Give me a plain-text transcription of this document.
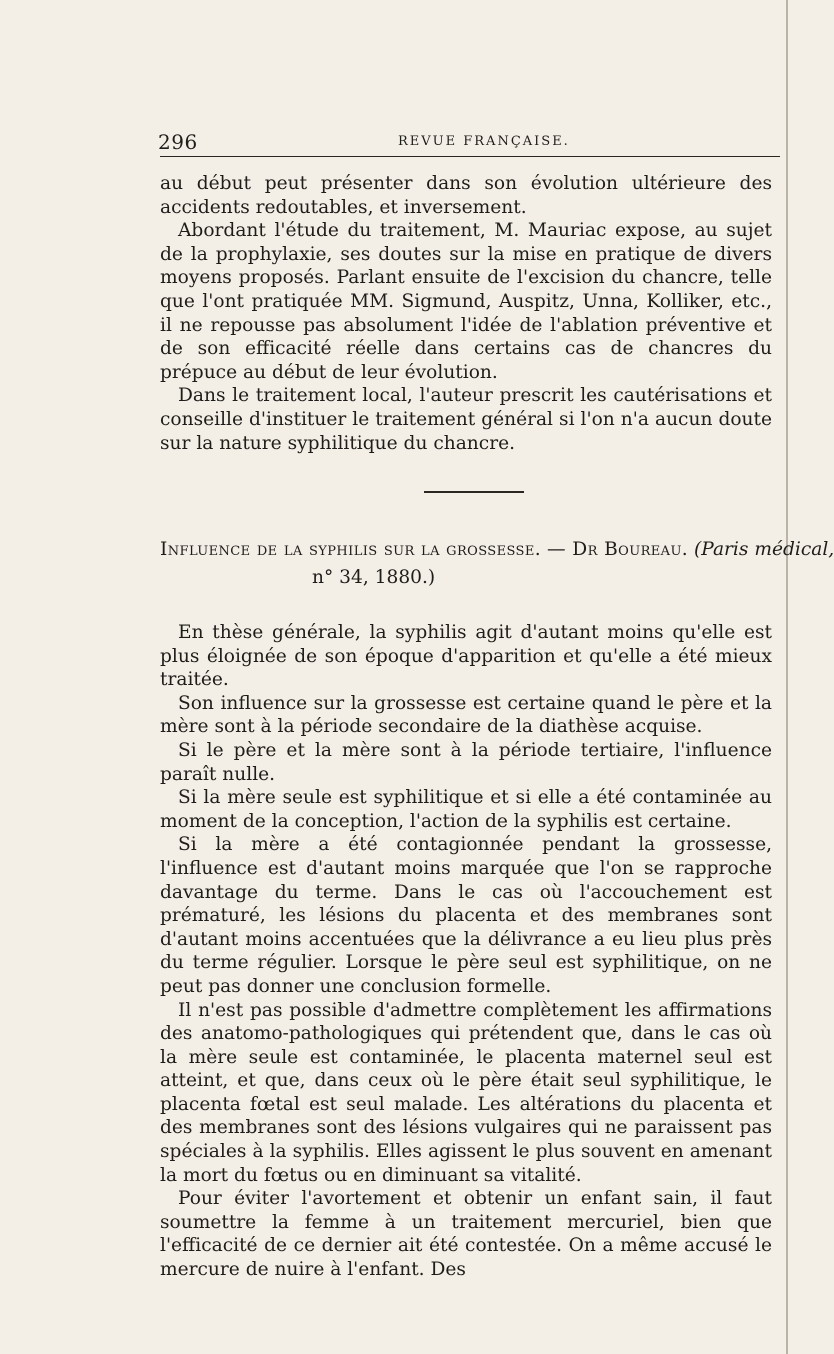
296	REVUE FRANÇAISE.

au début peut présenter dans son évolution ultérieure des accidents redoutables, et inversement.

Abordant l'étude du traitement, M. Mauriac expose, au sujet de la prophylaxie, ses doutes sur la mise en pratique de divers moyens proposés. Parlant ensuite de l'excision du chancre, telle que l'ont pratiquée MM. Sigmund, Auspitz, Unna, Kolliker, etc., il ne repousse pas absolument l'idée de l'ablation préventive et de son efficacité réelle dans certains cas de chancres du prépuce au début de leur évolution.

Dans le traitement local, l'auteur prescrit les cautérisations et conseille d'instituer le traitement général si l'on n'a aucun doute sur la nature syphilitique du chancre.

Influence de la syphilis sur la grossesse. — Dr Boureau. (Paris médical,
n° 34, 1880.)

En thèse générale, la syphilis agit d'autant moins qu'elle est plus éloignée de son époque d'apparition et qu'elle a été mieux traitée.

Son influence sur la grossesse est certaine quand le père et la mère sont à la période secondaire de la diathèse acquise.

Si le père et la mère sont à la période tertiaire, l'influence paraît nulle.

Si la mère seule est syphilitique et si elle a été contaminée au moment de la conception, l'action de la syphilis est certaine.

Si la mère a été contagionnée pendant la grossesse, l'influence est d'autant moins marquée que l'on se rapproche davantage du terme. Dans le cas où l'accouchement est prématuré, les lésions du placenta et des membranes sont d'autant moins accentuées que la délivrance a eu lieu plus près du terme régulier. Lorsque le père seul est syphilitique, on ne peut pas donner une conclusion formelle.

Il n'est pas possible d'admettre complètement les affirmations des anatomo-pathologiques qui prétendent que, dans le cas où la mère seule est contaminée, le placenta maternel seul est atteint, et que, dans ceux où le père était seul syphilitique, le placenta fœtal est seul malade. Les altérations du placenta et des membranes sont des lésions vulgaires qui ne paraissent pas spéciales à la syphilis. Elles agissent le plus souvent en amenant la mort du fœtus ou en diminuant sa vitalité.

Pour éviter l'avortement et obtenir un enfant sain, il faut soumettre la femme à un traitement mercuriel, bien que l'efficacité de ce dernier ait été contestée. On a même accusé le mercure de nuire à l'enfant. Des
